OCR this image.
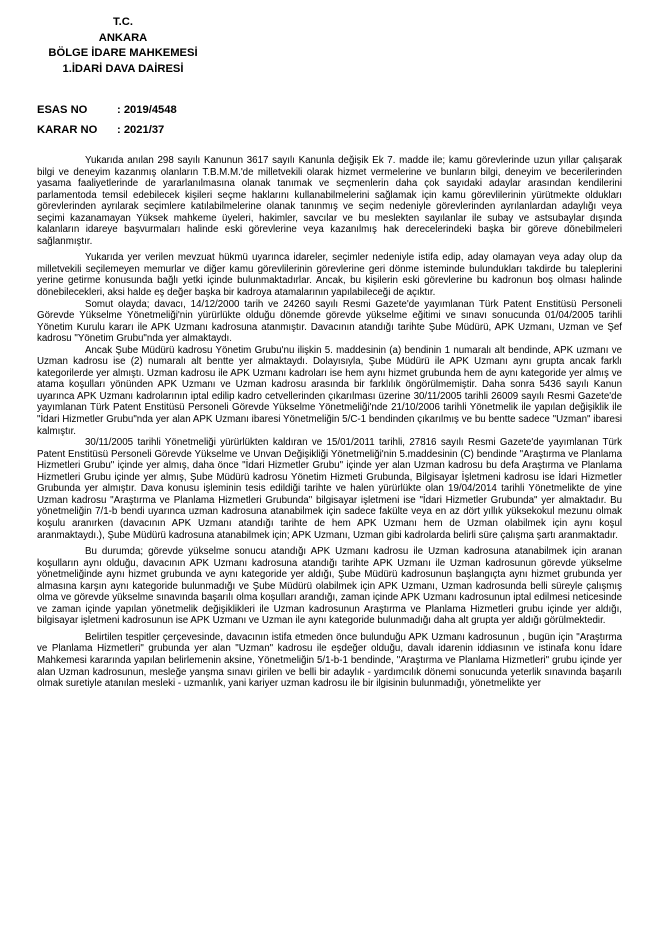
T.C.
ANKARA
BÖLGE İDARE MAHKEMESİ
1.İDARİ DAVA DAİRESİ
ESAS NO	: 2019/4548
KARAR NO : 2021/37

Yukarıda anılan 298 sayılı Kanunun 3617 sayılı Kanunla değişik Ek 7. madde ile; kamu görevlerinde uzun yıllar çalışarak bilgi ve deneyim kazanmış olanların T.B.M.M.'de milletvekili olarak hizmet vermelerine ve bunların bilgi, deneyim ve becerilerinden yasama faaliyetlerinde de yararlanılmasına olanak tanımak ve seçmenlerin daha çok sayıdaki adaylar arasından kendilerini parlamentoda temsil edebilecek kişileri seçme haklarını kullanabilmelerini sağlamak için kamu görevlilerinin yürütmekte oldukları görevlerinden ayrılarak seçimlere katılabilmelerine olanak tanınmış ve seçim nedeniyle görevlerinden ayrılanlardan adaylığı veya seçimi kazanamayan Yüksek mahkeme üyeleri, hakimler, savcılar ve bu meslekten sayılanlar ile subay ve astsubaylar dışında kalanların idareye başvurmaları halinde eski görevlerine veya kazanılmış hak derecelerindeki başka bir göreve dönebilmeleri sağlanmıştır.

Yukarıda yer verilen mevzuat hükmü uyarınca idareler, seçimler nedeniyle istifa edip, aday olamayan veya aday olup da milletvekili seçilemeyen memurlar ve diğer kamu görevlilerinin görevlerine geri dönme isteminde bulundukları takdirde bu taleplerini yerine getirme konusunda bağlı yetki içinde bulunmaktadırlar. Ancak, bu kişilerin eski görevlerine bu kadronun boş olması halinde dönebilecekleri, aksi halde eş değer başka bir kadroya atamalarının yapılabileceği de açıktır.

Somut olayda; davacı, 14/12/2000 tarih ve 24260 sayılı Resmi Gazete'de yayımlanan Türk Patent Enstitüsü Personeli Görevde Yükselme Yönetmeliği'nin yürürlükte olduğu dönemde görevde yükselme eğitimi ve sınavı sonucunda 01/04/2005 tarihli Yönetim Kurulu kararı ile APK Uzmanı kadrosuna atanmıştır. Davacının atandığı tarihte Şube Müdürü, APK Uzmanı, Uzman ve Şef kadrosu "Yönetim Grubu"nda yer almaktaydı.

Ancak Şube Müdürü kadrosu Yönetim Grubu'nu ilişkin 5. maddesinin (a) bendinin 1 numaralı alt bendinde, APK uzmanı ve Uzman kadrosu ise (2) numaralı alt bentte yer almaktaydı. Dolayısıyla, Şube Müdürü ile APK Uzmanı aynı grupta ancak farklı kategorilerde yer almıştı. Uzman kadrosu ile APK Uzmanı kadroları ise hem aynı hizmet grubunda hem de aynı kategoride yer almış ve atama koşulları yönünden APK Uzmanı ve Uzman kadrosu arasında bir farklılık öngörülmemiştir. Daha sonra 5436 sayılı Kanun uyarınca APK Uzmanı kadrolarının iptal edilip kadro cetvellerinden çıkarılması üzerine 30/11/2005 tarihli 26009 sayılı Resmi Gazete'de yayımlanan Türk Patent Enstitüsü Personeli Görevde Yükselme Yönetmeliği'nde 21/10/2006 tarihli Yönetmelik ile yapılan değişiklik ile "İdari Hizmetler Grubu"nda yer alan APK Uzmanı ibaresi Yönetmeliğin 5/C-1 bendinden çıkarılmış ve bu bentte sadece "Uzman" ibaresi kalmıştır.

30/11/2005 tarihli Yönetmeliği yürürlükten kaldıran ve 15/01/2011 tarihli, 27816 sayılı Resmi Gazete'de yayımlanan Türk Patent Enstitüsü Personeli Görevde Yükselme ve Unvan Değişikliği Yönetmeliği'nin 5.maddesinin (C) bendinde "Araştırma ve Planlama Hizmetleri Grubu" içinde yer almış, daha önce "İdari Hizmetler Grubu" içinde yer alan Uzman kadrosu bu defa Araştırma ve Planlama Hizmetleri Grubu içinde yer almış, Şube Müdürü kadrosu Yönetim Hizmeti Grubunda, Bilgisayar İşletmeni kadrosu ise İdari Hizmetler Grubunda yer almıştır. Dava konusu işleminin tesis edildiği tarihte ve halen yürürlükte olan 19/04/2014 tarihli Yönetmelikte de yine Uzman kadrosu "Araştırma ve Planlama Hizmetleri Grubunda" bilgisayar işletmeni ise "İdari Hizmetler Grubunda" yer almaktadır. Bu yönetmeliğin 7/1-b bendi uyarınca uzman kadrosuna atanabilmek için sadece fakülte veya en az dört yıllık yüksekokul mezunu olmak koşulu aranırken (davacının APK Uzmanı atandığı tarihte de hem APK Uzmanı hem de Uzman olabilmek için aynı koşul aranmaktaydı.), Şube Müdürü kadrosuna atanabilmek için; APK Uzmanı, Uzman gibi kadrolarda belirli süre çalışma şartı aranmaktadır.

Bu durumda; görevde yükselme sonucu atandığı APK Uzmanı kadrosu ile Uzman kadrosuna atanabilmek için aranan koşulların aynı olduğu, davacının APK Uzmanı kadrosuna atandığı tarihte APK Uzmanı ile Uzman kadrosunun görevde yükselme yönetmeliğinde aynı hizmet grubunda ve aynı kategoride yer aldığı, Şube Müdürü kadrosunun başlangıçta aynı hizmet grubunda yer almasına karşın aynı kategoride bulunmadığı ve Şube Müdürü olabilmek için APK Uzmanı, Uzman kadrosunda belli süreyle çalışmış olma ve görevde yükselme sınavında başarılı olma koşulları arandığı, zaman içinde APK Uzmanı kadrosunun iptal edilmesi neticesinde ve zaman içinde yapılan yönetmelik değişiklikleri ile Uzman kadrosunun Araştırma ve Planlama Hizmetleri grubu içinde yer aldığı, bilgisayar işletmeni kadrosunun ise APK Uzmanı ve Uzman ile aynı kategoride bulunmadığı daha alt grupta yer aldığı görülmektedir.

Belirtilen tespitler çerçevesinde, davacının istifa etmeden önce bulunduğu APK Uzmanı kadrosunun , bugün için "Araştırma ve Planlama Hizmetleri" grubunda yer alan "Uzman" kadrosu ile eşdeğer olduğu, davalı idarenin iddiasının ve istinafa konu İdare Mahkemesi kararında yapılan belirlemenin aksine, Yönetmeliğin 5/1-b-1 bendinde, "Araştırma ve Planlama Hizmetleri" grubu içinde yer alan Uzman kadrosunun, mesleğe yanşma sınavı girilen ve belli bir adaylık - yardımcılık dönemi sonucunda yeterlik sınavında başarılı olmak suretiyle atanılan mesleki - uzmanlık, yani kariyer uzman kadrosu ile bir ilgisinin bulunmadığı, yönetmelikte yer
